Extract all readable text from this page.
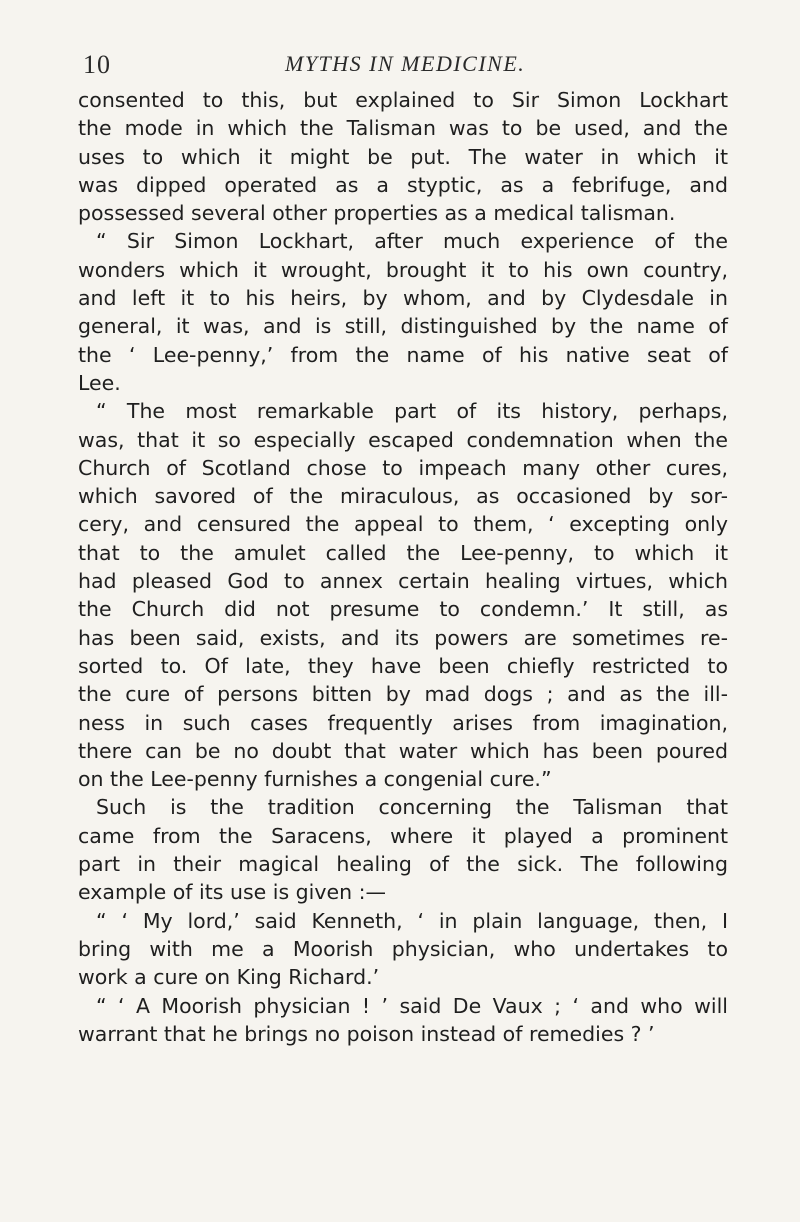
10	MYTHS IN MEDICINE.
consented to this, but explained to Sir Simon Lockhart
the mode in which the Talisman was to be used, and the
uses to which it might be put. The water in which it
was dipped operated as a styptic, as a febrifuge, and
possessed several other properties as a medical talisman.
“ Sir Simon Lockhart, after much experience of the
wonders which it wrought, brought it to his own country,
and left it to his heirs, by whom, and by Clydesdale in
general, it was, and is still, distinguished by the name of
the ‘ Lee-penny,’ from the name of his native seat of
Lee.
“ The most remarkable part of its history, perhaps,
was, that it so especially escaped condemnation when the
Church of Scotland chose to impeach many other cures,
which savored of the miraculous, as occasioned by sor-
cery, and censured the appeal to them, ‘ excepting only
that to the amulet called the Lee-penny, to which it
had pleased God to annex certain healing virtues, which
the Church did not presume to condemn.’ It still, as
has been said, exists, and its powers are sometimes re-
sorted to. Of late, they have been chiefly restricted to
the cure of persons bitten by mad dogs ; and as the ill-
ness in such cases frequently arises from imagination,
there can be no doubt that water which has been poured
on the Lee-penny furnishes a congenial cure.”
Such is the tradition concerning the Talisman that
came from the Saracens, where it played a prominent
part in their magical healing of the sick. The following
example of its use is given :—
“ ‘ My lord,’ said Kenneth, ‘ in plain language, then, I
bring with me a Moorish physician, who undertakes to
work a cure on King Richard.’
“ ‘ A Moorish physician ! ’ said De Vaux ; ‘ and who will
warrant that he brings no poison instead of remedies ? ’
